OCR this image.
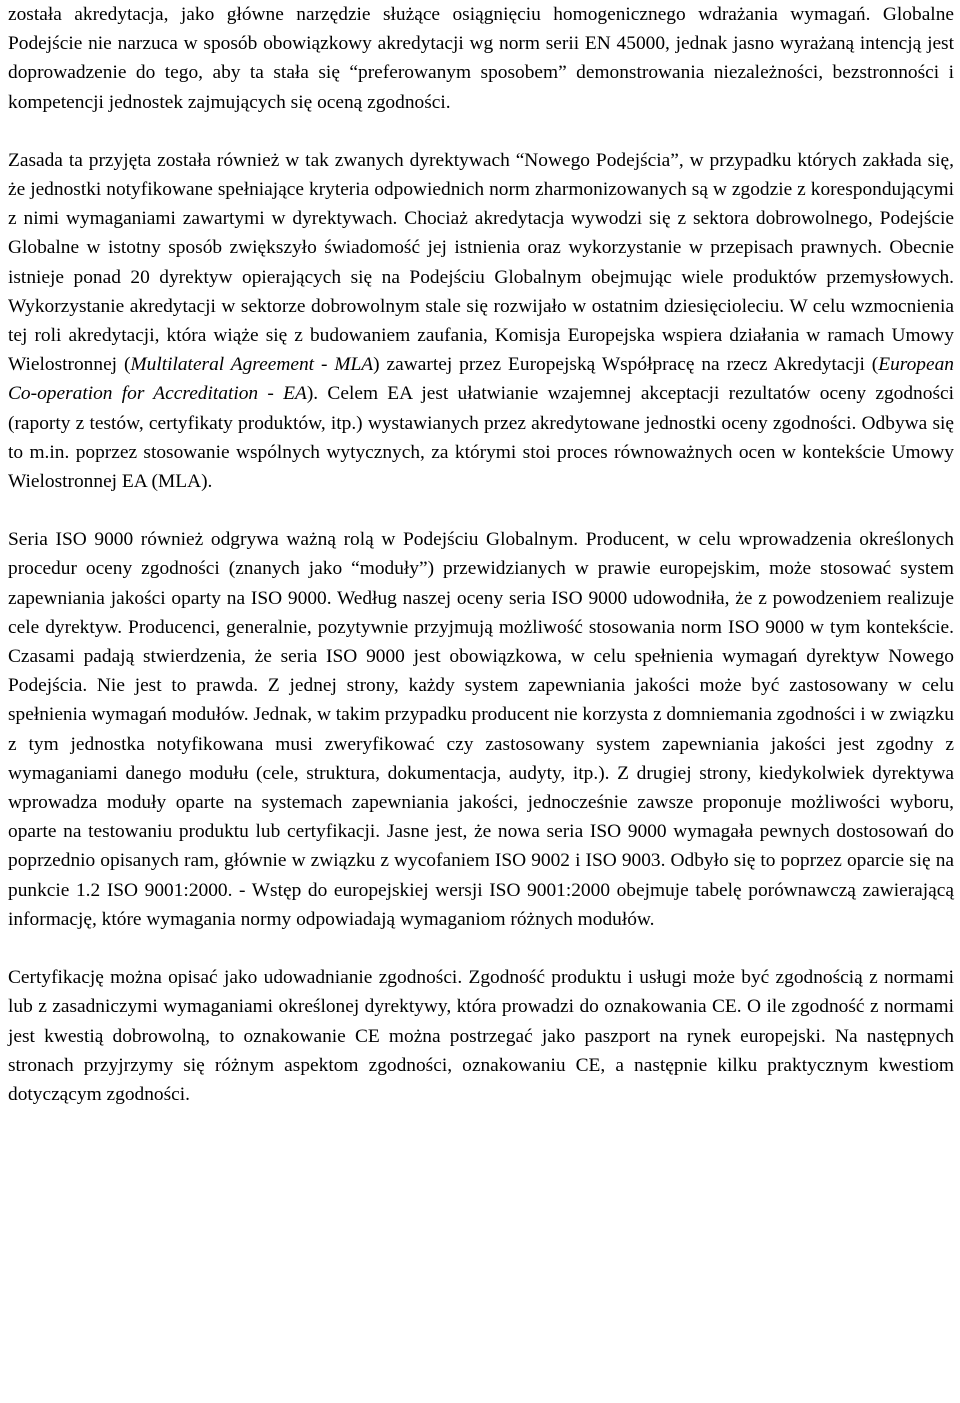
została akredytacja, jako główne narzędzie służące osiągnięciu homogenicznego wdrażania wymagań. Globalne Podejście nie narzuca w sposób obowiązkowy akredytacji wg norm serii EN 45000, jednak jasno wyrażaną intencją jest doprowadzenie do tego, aby ta stała się “preferowanym sposobem” demonstrowania niezależności, bezstronności i kompetencji jednostek zajmujących się oceną zgodności.

Zasada ta przyjęta została również w tak zwanych dyrektywach “Nowego Podejścia”, w przypadku których zakłada się, że jednostki notyfikowane spełniające kryteria odpowiednich norm zharmonizowanych są w zgodzie z korespondującymi z nimi wymaganiami zawartymi w dyrektywach. Chociaż akredytacja wywodzi się z sektora dobrowolnego, Podejście Globalne w istotny sposób zwiększyło świadomość jej istnienia oraz wykorzystanie w przepisach prawnych. Obecnie istnieje ponad 20 dyrektyw opierających się na Podejściu Globalnym obejmując wiele produktów przemysłowych. Wykorzystanie akredytacji w sektorze dobrowolnym stale się rozwijało w ostatnim dziesięcioleciu. W celu wzmocnienia tej roli akredytacji, która wiąże się z budowaniem zaufania, Komisja Europejska wspiera działania w ramach Umowy Wielostronnej (Multilateral Agreement - MLA) zawartej przez Europejską Współpracę na rzecz Akredytacji (European Co-operation for Accreditation - EA). Celem EA jest ułatwianie wzajemnej akceptacji rezultatów oceny zgodności (raporty z testów, certyfikaty produktów, itp.) wystawianych przez akredytowane jednostki oceny zgodności. Odbywa się to m.in. poprzez stosowanie wspólnych wytycznych, za którymi stoi proces równoważnych ocen w kontekście Umowy Wielostronnej EA (MLA).

Seria ISO 9000 również odgrywa ważną rolą w Podejściu Globalnym. Producent, w celu wprowadzenia określonych procedur oceny zgodności (znanych jako “moduły”) przewidzianych w prawie europejskim, może stosować system zapewniania jakości oparty na ISO 9000. Według naszej oceny seria ISO 9000 udowodniła, że z powodzeniem realizuje cele dyrektyw. Producenci, generalnie, pozytywnie przyjmują możliwość stosowania norm ISO 9000 w tym kontekście. Czasami padają stwierdzenia, że seria ISO 9000 jest obowiązkowa, w celu spełnienia wymagań dyrektyw Nowego Podejścia. Nie jest to prawda. Z jednej strony, każdy system zapewniania jakości może być zastosowany w celu spełnienia wymagań modułów. Jednak, w takim przypadku producent nie korzysta z domniemania zgodności i w związku z tym jednostka notyfikowana musi zweryfikować czy zastosowany system zapewniania jakości jest zgodny z wymaganiami danego modułu (cele, struktura, dokumentacja, audyty, itp.). Z drugiej strony, kiedykolwiek dyrektywa wprowadza moduły oparte na systemach zapewniania jakości, jednocześnie zawsze proponuje możliwości wyboru, oparte na testowaniu produktu lub certyfikacji. Jasne jest, że nowa seria ISO 9000 wymagała pewnych dostosowań do poprzednio opisanych ram, głównie w związku z wycofaniem ISO 9002 i ISO 9003. Odbyło się to poprzez oparcie się na punkcie 1.2 ISO 9001:2000. - Wstęp do europejskiej wersji ISO 9001:2000 obejmuje tabelę porównawczą zawierającą informację, które wymagania normy odpowiadają wymaganiom różnych modułów.

Certyfikację można opisać jako udowadnianie zgodności. Zgodność produktu i usługi może być zgodnością z normami lub z zasadniczymi wymaganiami określonej dyrektywy, która prowadzi do oznakowania CE. O ile zgodność z normami jest kwestią dobrowolną, to oznakowanie CE można postrzegać jako paszport na rynek europejski. Na następnych stronach przyjrzymy się różnym aspektom zgodności, oznakowaniu CE, a następnie kilku praktycznym kwestiom dotyczącym zgodności.
